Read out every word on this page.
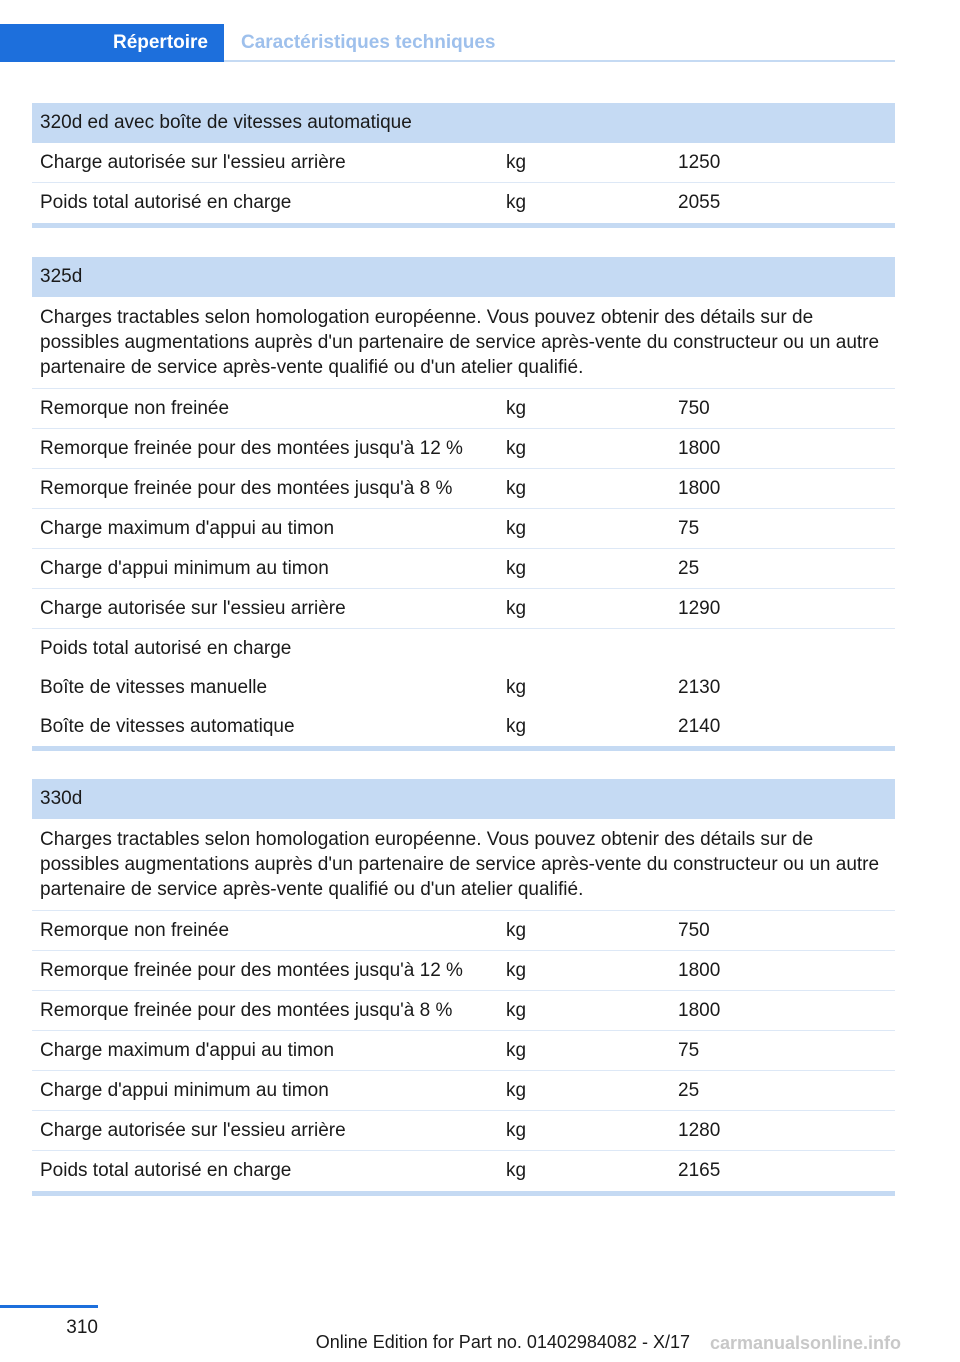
Répertoire	Caractéristiques techniques
320d ed avec boîte de vitesses automatique
Charge autorisée sur l'essieu arrière	kg	1250
Poids total autorisé en charge	kg	2055
325d
Charges tractables selon homologation européenne. Vous pouvez obtenir des détails sur de possibles augmentations auprès d'un partenaire de service après-vente du constructeur ou un autre partenaire de service après-vente qualifié ou d'un atelier qualifié.
Remorque non freinée	kg	750
Remorque freinée pour des montées jusqu'à 12 %	kg	1800
Remorque freinée pour des montées jusqu'à 8 %	kg	1800
Charge maximum d'appui au timon	kg	75
Charge d'appui minimum au timon	kg	25
Charge autorisée sur l'essieu arrière	kg	1290
Poids total autorisé en charge
Boîte de vitesses manuelle	kg	2130
Boîte de vitesses automatique	kg	2140
330d
Charges tractables selon homologation européenne. Vous pouvez obtenir des détails sur de possibles augmentations auprès d'un partenaire de service après-vente du constructeur ou un autre partenaire de service après-vente qualifié ou d'un atelier qualifié.
Remorque non freinée	kg	750
Remorque freinée pour des montées jusqu'à 12 %	kg	1800
Remorque freinée pour des montées jusqu'à 8 %	kg	1800
Charge maximum d'appui au timon	kg	75
Charge d'appui minimum au timon	kg	25
Charge autorisée sur l'essieu arrière	kg	1280
Poids total autorisé en charge	kg	2165
310
Online Edition for Part no. 01402984082 - X/17 carmanualsonline.info
